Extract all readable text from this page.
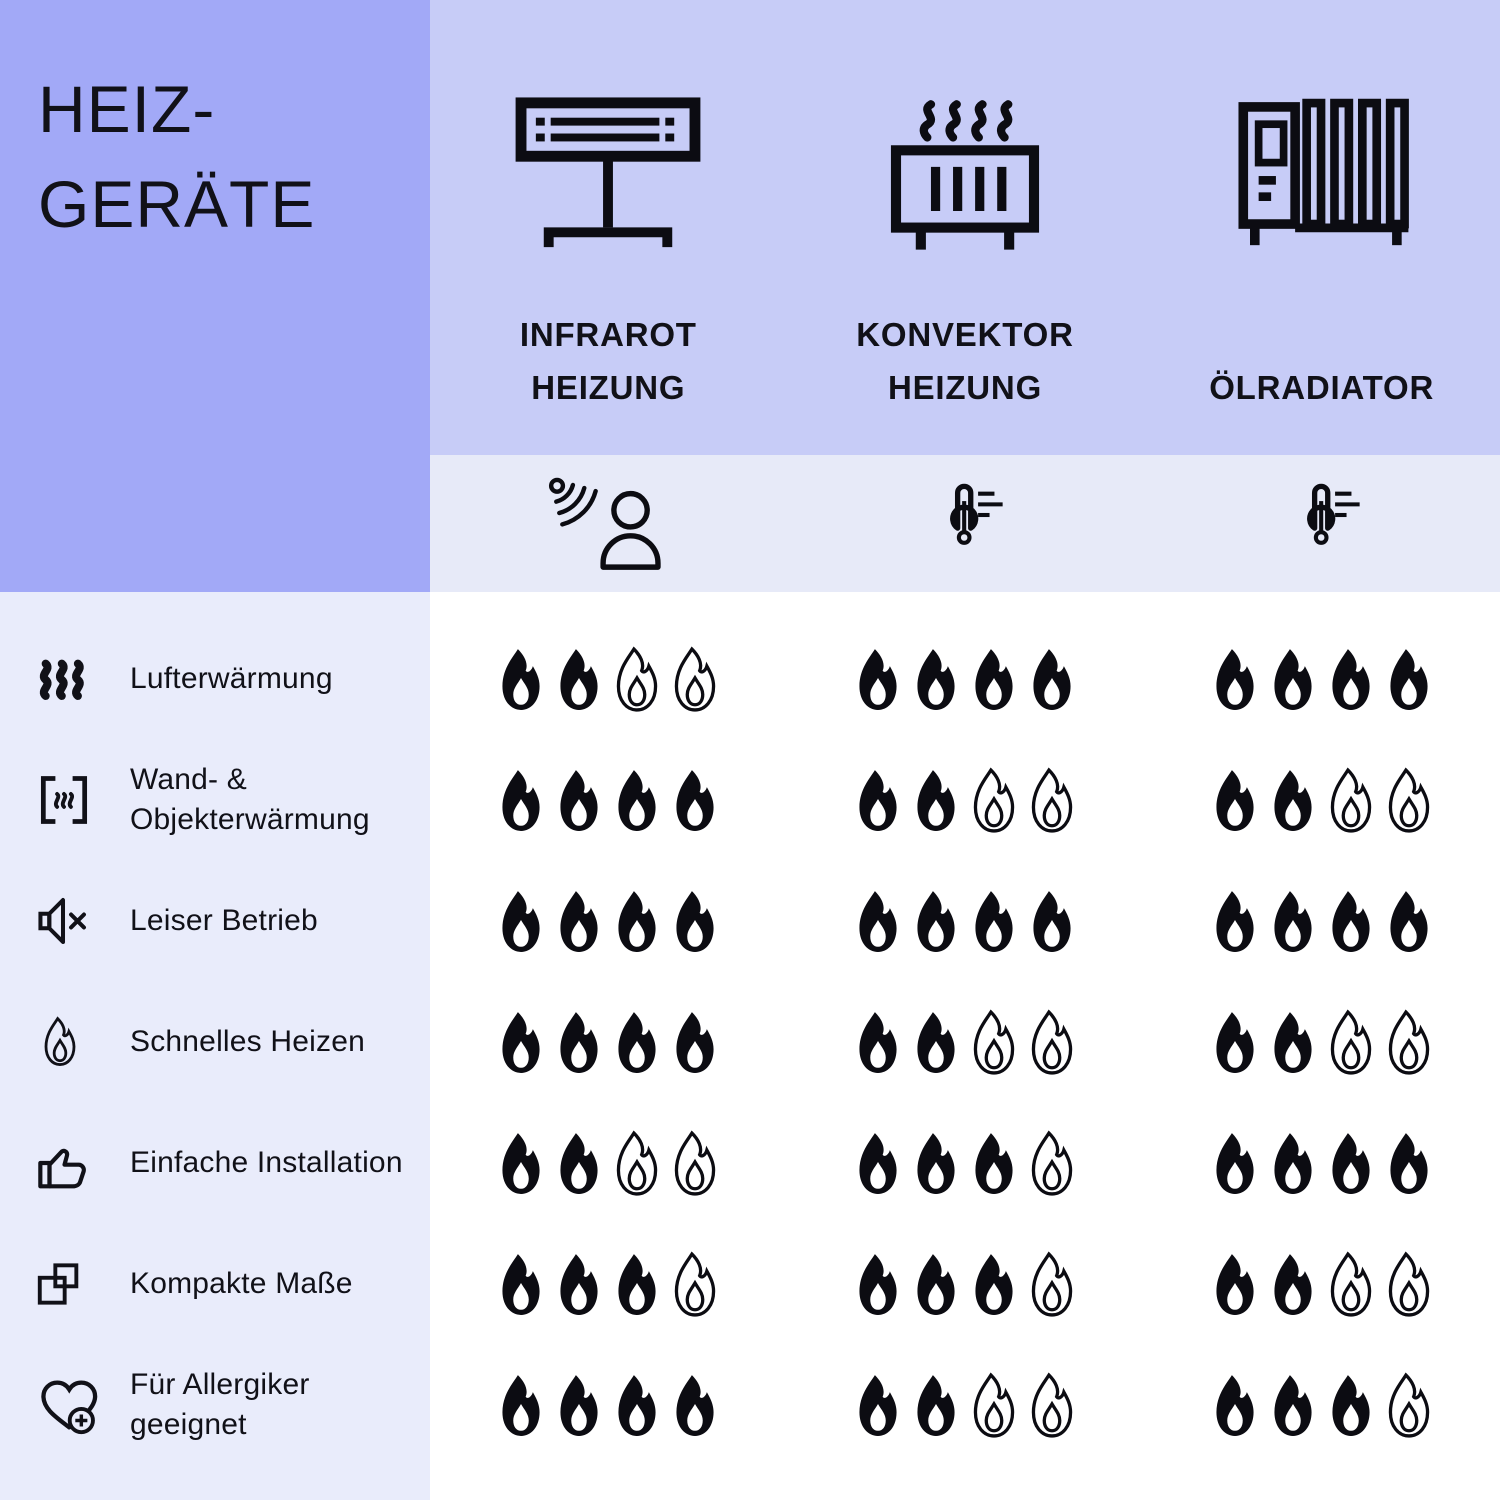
HEIZ-
GERÄTE
INFRAROT
HEIZUNG
KONVEKTOR
HEIZUNG	ÖLRADIATOR
Lufterwärmung
Wand- &
Objekterwärmung
Leiser Betrieb
Schnelles Heizen
Einfache Installation
Kompakte Maße
Für Allergiker
geeignet
